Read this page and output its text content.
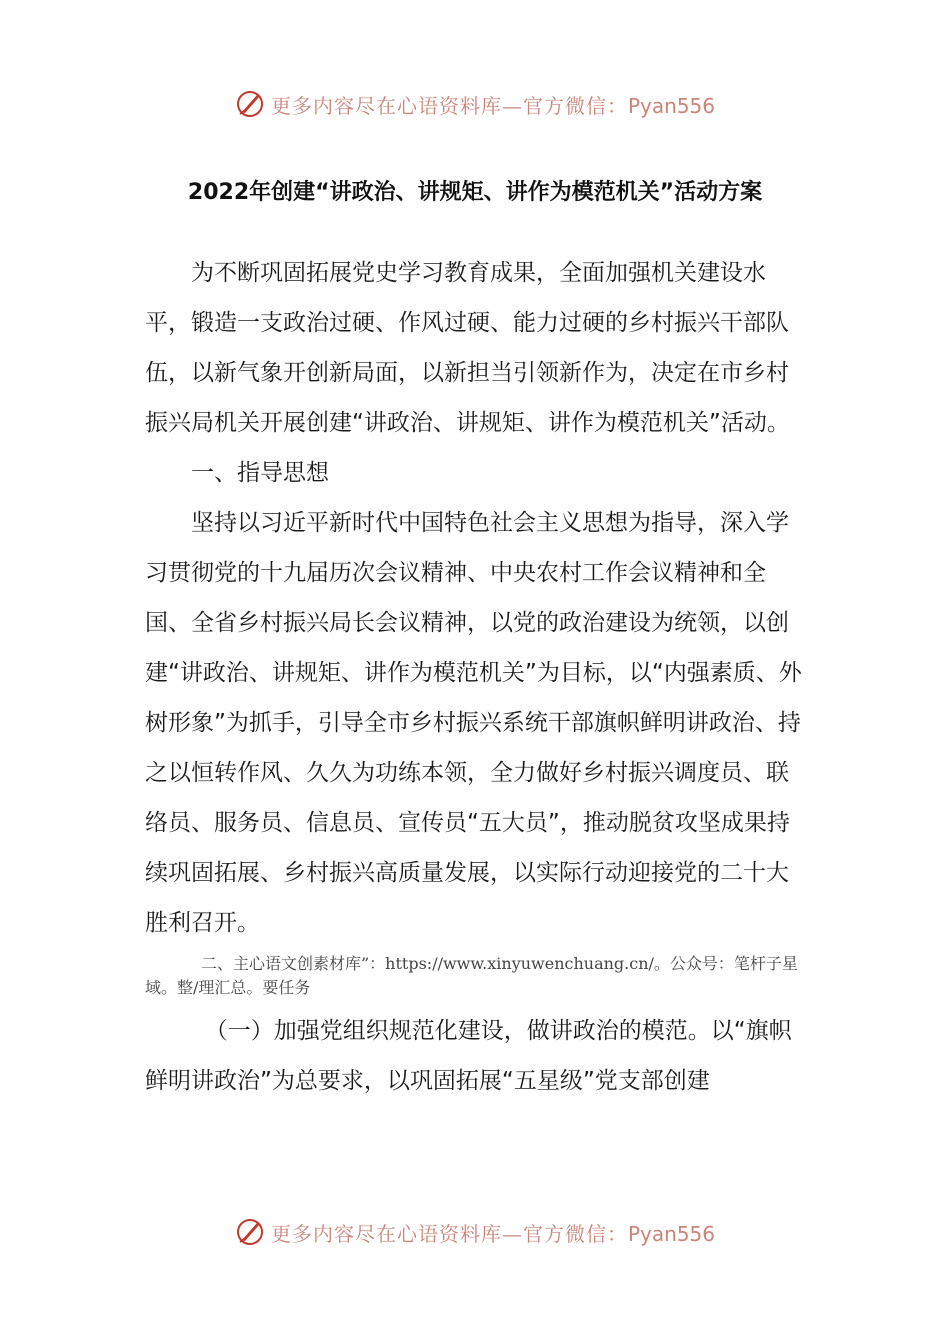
更多内容尽在心语资料库—官方微信：Pyan556
2022年创建“讲政治、讲规矩、讲作为模范机关”活动方案

为不断巩固拓展党史学习教育成果，全面加强机关建设水平，锻造一支政治过硬、作风过硬、能力过硬的乡村振兴干部队伍，以新气象开创新局面，以新担当引领新作为，决定在市乡村振兴局机关开展创建“讲政治、讲规矩、讲作为模范机关”活动。

一、指导思想

坚持以习近平新时代中国特色社会主义思想为指导，深入学习贯彻党的十九届历次会议精神、中央农村工作会议精神和全国、全省乡村振兴局长会议精神，以党的政治建设为统领，以创建“讲政治、讲规矩、讲作为模范机关”为目标，以“内强素质、外树形象”为抓手，引导全市乡村振兴系统干部旗帜鲜明讲政治、持之以恒转作风、久久为功练本领，全力做好乡村振兴调度员、联络员、服务员、信息员、宣传员“五大员”，推动脱贫攻坚成果持续巩固拓展、乡村振兴高质量发展，以实际行动迎接党的二十大胜利召开。

二、主心语文创素材库”：https://www.xinyuwenchuang.cn/。公众号：笔杆子星域。整/理汇总。要任务

（一）加强党组织规范化建设，做讲政治的模范。以“旗帜鲜明讲政治”为总要求，以巩固拓展“五星级”党支部创建

更多内容尽在心语资料库—官方微信：Pyan556
